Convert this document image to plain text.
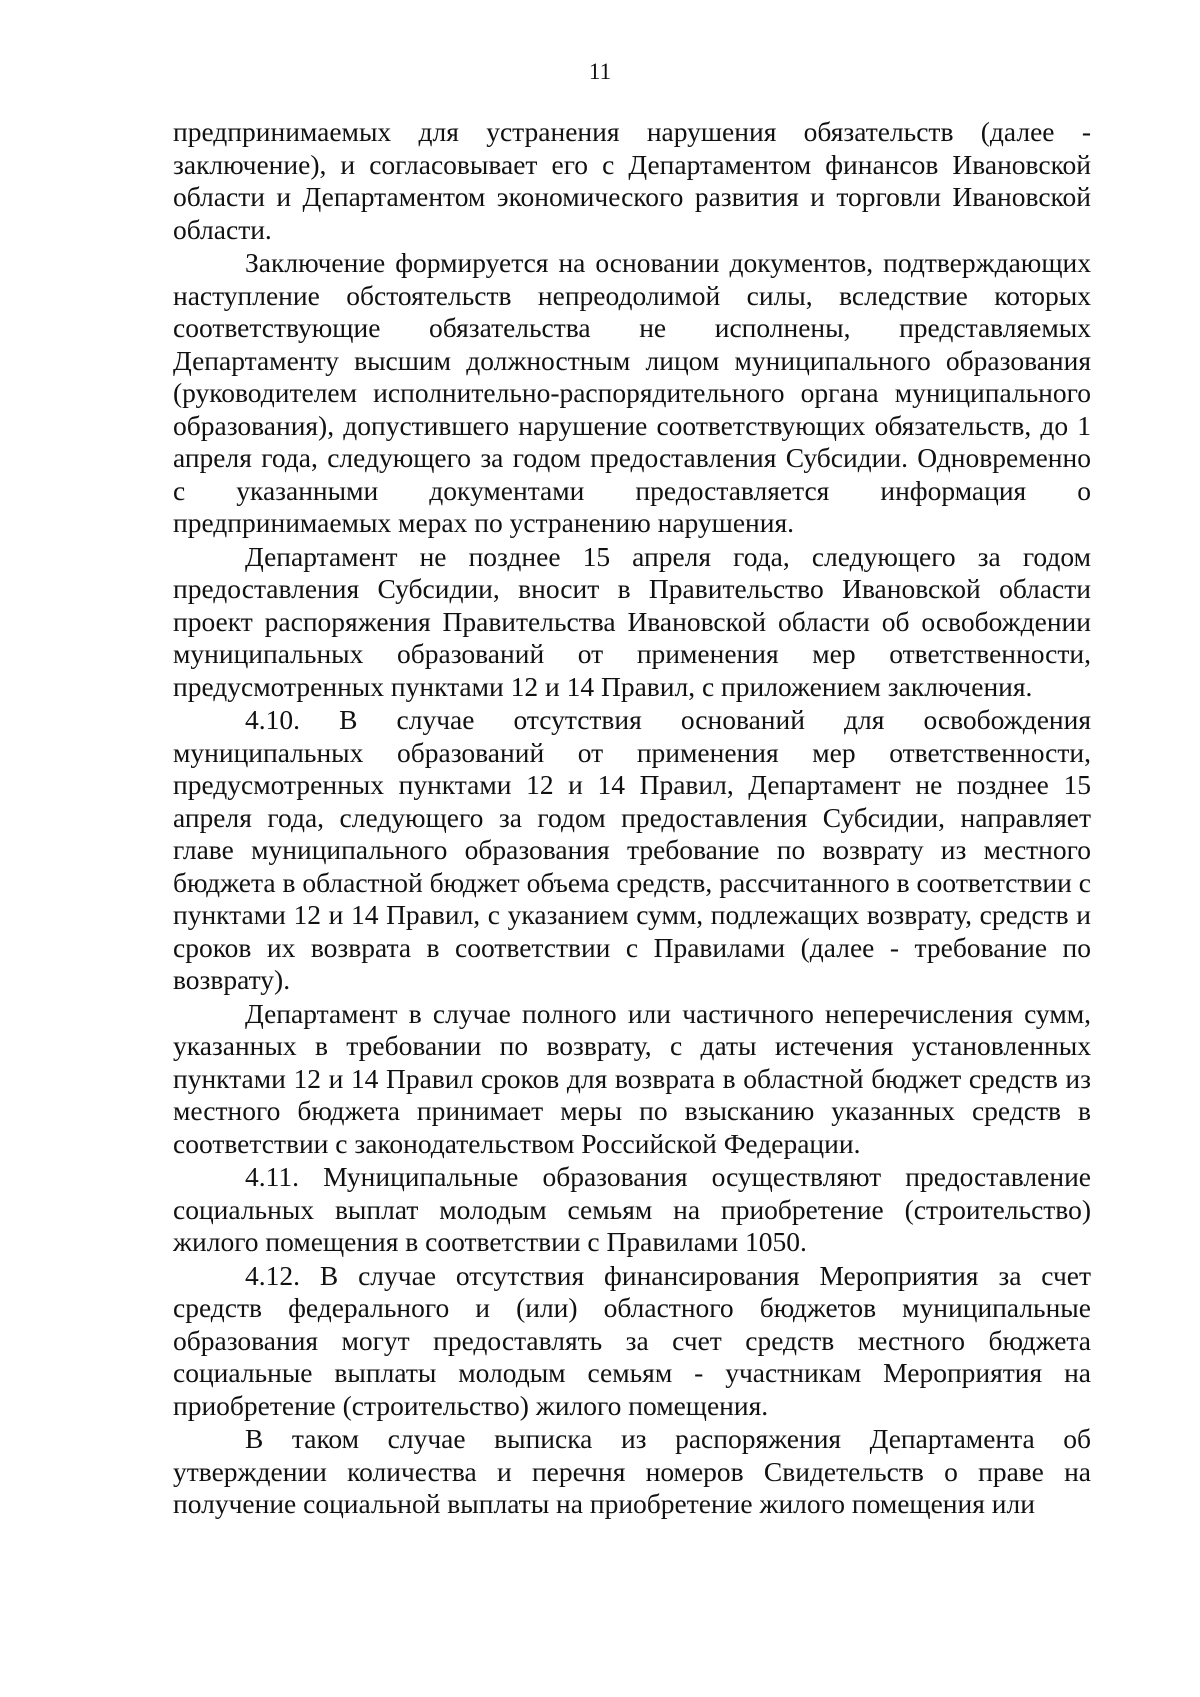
11

предпринимаемых для устранения нарушения обязательств (далее - заключение), и согласовывает его с Департаментом финансов Ивановской области и Департаментом экономического развития и торговли Ивановской области.

Заключение формируется на основании документов, подтверждающих наступление обстоятельств непреодолимой силы, вследствие которых соответствующие обязательства не исполнены, представляемых Департаменту высшим должностным лицом муниципального образования (руководителем исполнительно-распорядительного органа муниципального образования), допустившего нарушение соответствующих обязательств, до 1 апреля года, следующего за годом предоставления Субсидии. Одновременно с указанными документами предоставляется информация о предпринимаемых мерах по устранению нарушения.

Департамент не позднее 15 апреля года, следующего за годом предоставления Субсидии, вносит в Правительство Ивановской области проект распоряжения Правительства Ивановской области об освобождении муниципальных образований от применения мер ответственности, предусмотренных пунктами 12 и 14 Правил, с приложением заключения.

4.10. В случае отсутствия оснований для освобождения муниципальных образований от применения мер ответственности, предусмотренных пунктами 12 и 14 Правил, Департамент не позднее 15 апреля года, следующего за годом предоставления Субсидии, направляет главе муниципального образования требование по возврату из местного бюджета в областной бюджет объема средств, рассчитанного в соответствии с пунктами 12 и 14 Правил, с указанием сумм, подлежащих возврату, средств и сроков их возврата в соответствии с Правилами (далее - требование по возврату).

Департамент в случае полного или частичного неперечисления сумм, указанных в требовании по возврату, с даты истечения установленных пунктами 12 и 14 Правил сроков для возврата в областной бюджет средств из местного бюджета принимает меры по взысканию указанных средств в соответствии с законодательством Российской Федерации.

4.11. Муниципальные образования осуществляют предоставление социальных выплат молодым семьям на приобретение (строительство) жилого помещения в соответствии с Правилами 1050.

4.12. В случае отсутствия финансирования Мероприятия за счет средств федерального и (или) областного бюджетов муниципальные образования могут предоставлять за счет средств местного бюджета социальные выплаты молодым семьям - участникам Мероприятия на приобретение (строительство) жилого помещения.

В таком случае выписка из распоряжения Департамента об утверждении количества и перечня номеров Свидетельств о праве на получение социальной выплаты на приобретение жилого помещения или
